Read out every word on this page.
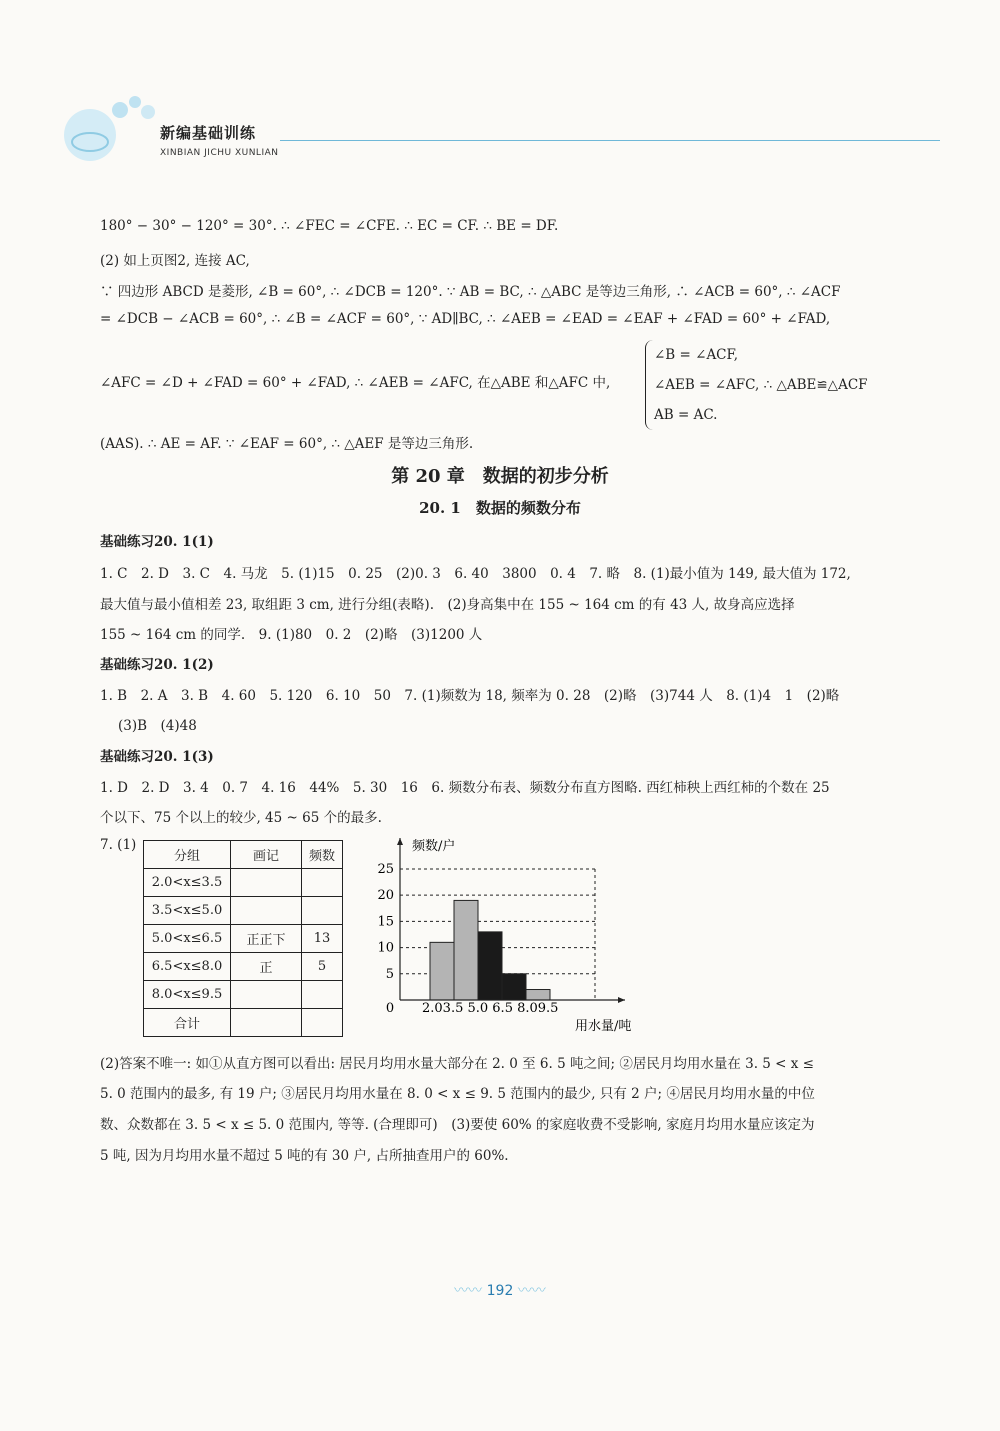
新编基础训练
XINBIAN JICHU XUNLIAN
180° − 30° − 120° = 30°. ∴ ∠FEC = ∠CFE. ∴ EC = CF. ∴ BE = DF.
(2) 如上页图2, 连接 AC,
∵ 四边形 ABCD 是菱形, ∠B = 60°, ∴ ∠DCB = 120°. ∵ AB = BC, ∴ △ABC 是等边三角形, ∴ ∠ACB = 60°, ∴ ∠ACF
= ∠DCB − ∠ACB = 60°, ∴ ∠B = ∠ACF = 60°, ∵ AD∥BC, ∴ ∠AEB = ∠EAD = ∠EAF + ∠FAD = 60° + ∠FAD,
∠AFC = ∠D + ∠FAD = 60° + ∠FAD, ∴ ∠AEB = ∠AFC, 在△ABE 和△AFC 中,
∠B = ∠ACF,
∠AEB = ∠AFC, ∴ △ABE≌△ACF
AB = AC.
(AAS). ∴ AE = AF. ∵ ∠EAF = 60°, ∴ △AEF 是等边三角形.
第 20 章　数据的初步分析
20. 1　数据的频数分布
基础练习20. 1(1)
1. C　2. D　3. C　4. 马龙　5. (1)15　0. 25　(2)0. 3　6. 40　3800　0. 4　7. 略　8. (1)最小值为 149, 最大值为 172,
最大值与最小值相差 23, 取组距 3 cm, 进行分组(表略).　(2)身高集中在 155 ~ 164 cm 的有 43 人, 故身高应选择
155 ~ 164 cm 的同学.　9. (1)80　0. 2　(2)略　(3)1200 人
基础练习20. 1(2)
1. B　2. A　3. B　4. 60　5. 120　6. 10　50　7. (1)频数为 18, 频率为 0. 28　(2)略　(3)744 人　8. (1)4　1　(2)略
(3)B　(4)48
基础练习20. 1(3)
1. D　2. D　3. 4　0. 7　4. 16　44%　5. 30　16　6. 频数分布表、频数分布直方图略. 西红柿秧上西红柿的个数在 25
个以下、75 个以上的较少, 45 ~ 65 个的最多.
7. (1)
分组	画记	频数
2.0<x≤3.5		
3.5<x≤5.0		
5.0<x≤6.5	正正下	13
6.5<x≤8.0	正	5
8.0<x≤9.5		
合计		
5
10
15
20
25
0 2.03.5 5.0 6.5 8.09.5
频数/户
用水量/吨
(2)答案不唯一: 如①从直方图可以看出: 居民月均用水量大部分在 2. 0 至 6. 5 吨之间; ②居民月均用水量在 3. 5 < x ≤
5. 0 范围内的最多, 有 19 户; ③居民月均用水量在 8. 0 < x ≤ 9. 5 范围内的最少, 只有 2 户; ④居民月均用水量的中位
数、众数都在 3. 5 < x ≤ 5. 0 范围内, 等等. (合理即可)　(3)要使 60% 的家庭收费不受影响, 家庭月均用水量应该定为
5 吨, 因为月均用水量不超过 5 吨的有 30 户, 占所抽查用户的 60%.
〰〰 192 〰〰
